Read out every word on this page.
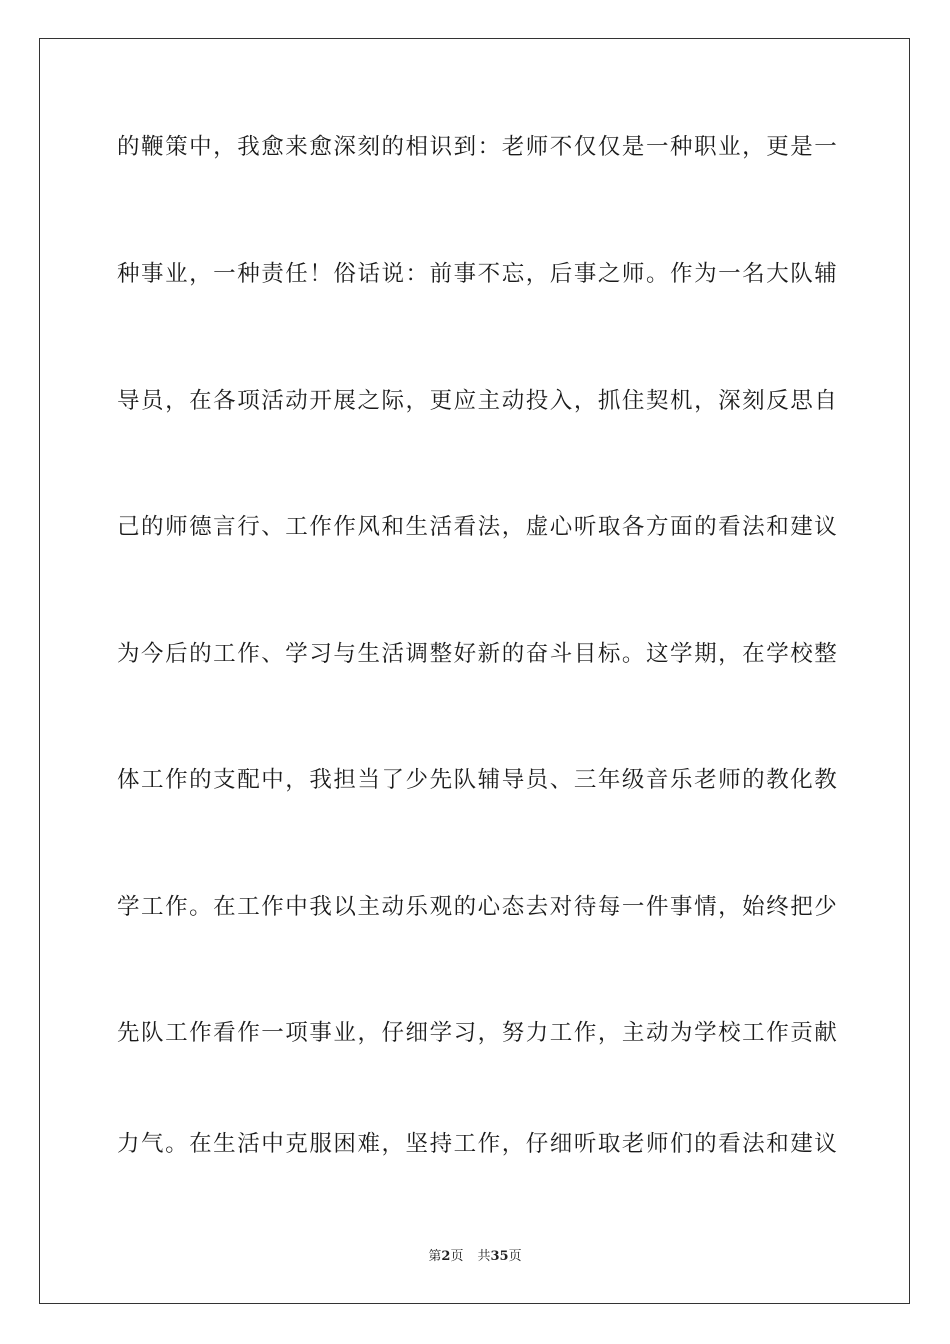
的鞭策中，我愈来愈深刻的相识到：老师不仅仅是一种职业，更是一
种事业，一种责任！俗话说：前事不忘，后事之师。作为一名大队辅
导员，在各项活动开展之际，更应主动投入，抓住契机，深刻反思自
己的师德言行、工作作风和生活看法，虚心听取各方面的看法和建议
为今后的工作、学习与生活调整好新的奋斗目标。这学期，在学校整
体工作的支配中，我担当了少先队辅导员、三年级音乐老师的教化教
学工作。在工作中我以主动乐观的心态去对待每一件事情，始终把少
先队工作看作一项事业，仔细学习，努力工作，主动为学校工作贡献
力气。在生活中克服困难，坚持工作，仔细听取老师们的看法和建议
第2页 共35页
